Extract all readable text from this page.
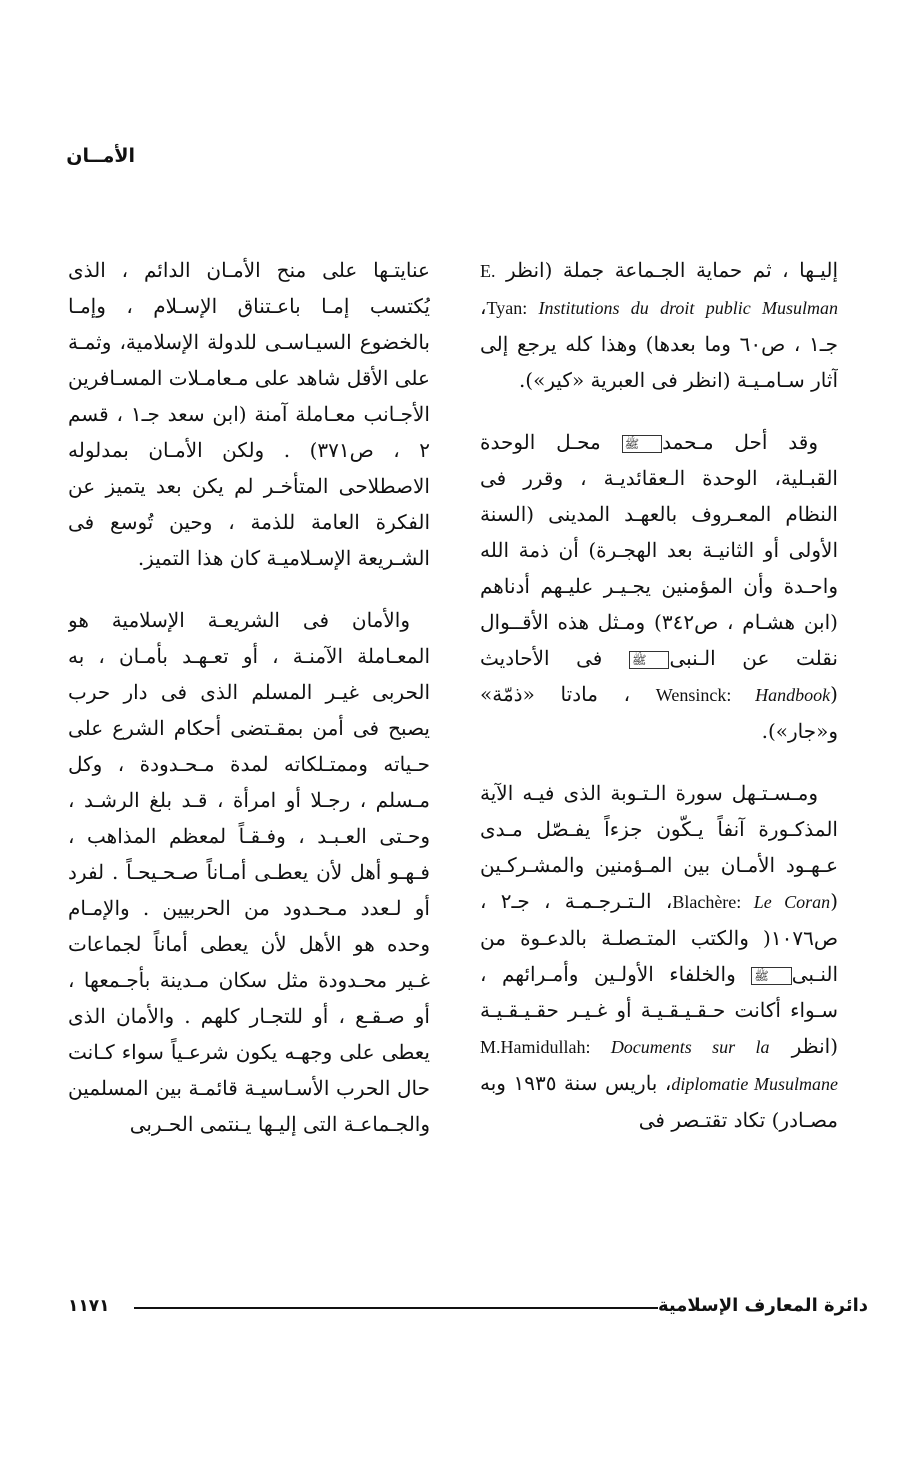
الأمــان

إليـها ، ثم حماية الجـماعة جملة (انظر E. Tyan: Institutions du droit public Musulman، جـ١ ، ص٦٠ وما بعدها) وهذا كله يرجع إلى آثار سـامـيـة (انظر فى العبرية «كير»).

وقد أحل مـحمدﷺ محـل الوحدة القبـلية، الوحدة الـعقائديـة ، وقرر فى النظام المعـروف بالعهـد المدينى (السنة الأولى أو الثانيـة بعد الهجـرة) أن ذمة الله واحـدة وأن المؤمنين يجـيـر عليـهم أدناهم (ابن هشـام ، ص٣٤٢) ومـثل هذه الأقــوال نقلت عن الـنبىﷺ فى الأحاديث (Wensinck: Handbook ، مادتا «ذمّة» و«جار»).

ومـسـتـهل سورة الـتـوبة الذى فيـه الآية المذكـورة آنفاً يـكّون جزءاً يفـصّل مـدى عـهـود الأمـان بين المـؤمنين والمشـركـين (Blachère: Le Coran، الـتـرجـمـة ، جـ٢ ، ص١٠٧٦( والكتب المتـصلـة بالدعـوة من النـبىﷺ والخلفاء الأولـين وأمـرائهم ، سـواء أكانت حـقـيـقـيـة أو غـيـر حقـيـقـيـة (انظر M.Hamidullah: Documents sur la diplomatie Musulmane، باريس سنة ١٩٣٥ وبه مصـادر) تكاد تقتـصر فى

عنايتـها على منح الأمـان الدائم ، الذى يُكتسب إمـا باعـتناق الإسـلام ، وإمـا بالخضوع السيـاسـى للدولة الإسلامية، وثمـة على الأقل شاهد على مـعامـلات المسـافرين الأجـانب معـاملة آمنة (ابن سعد جـ١ ، قسم ٢ ، ص٣٧١) . ولكن الأمـان بمدلوله الاصطلاحى المتأخـر لم يكن بعد يتميز عن الفكرة العامة للذمة ، وحين تُوسع فى الشـريعة الإسـلاميـة كان هذا التميز.

والأمان فى الشريعـة الإسلامية هو المعـاملة الآمنـة ، أو تعـهـد بأمـان ، به الحربى غيـر المسلم الذى فى دار حرب يصبح فى أمن بمقـتضى أحكام الشرع على حـياته وممتـلكاته لمدة مـحـدودة ، وكل مـسلم ، رجـلا أو امرأة ، قـد بلغ الرشـد ، وحـتى العـبـد ، وفـقـاً لمعظم المذاهب ، فـهـو أهل لأن يعطـى أمـاناً صـحـيحـاً . لفرد أو لـعدد مـحـدود من الحربيين . والإمـام وحده هو الأهل لأن يعطى أماناً لجماعات غـير محـدودة مثل سكان مـدينة بأجـمعها ، أو صـقـع ، أو للتجـار كلهم . والأمان الذى يعطى على وجهـه يكون شرعـياً سواء كـانت حال الحرب الأسـاسيـة قائمـة بين المسلمين والجـماعـة التى إليـها يـنتمى الحـربى

دائرة المعارف الإسلامية
١١٧١
